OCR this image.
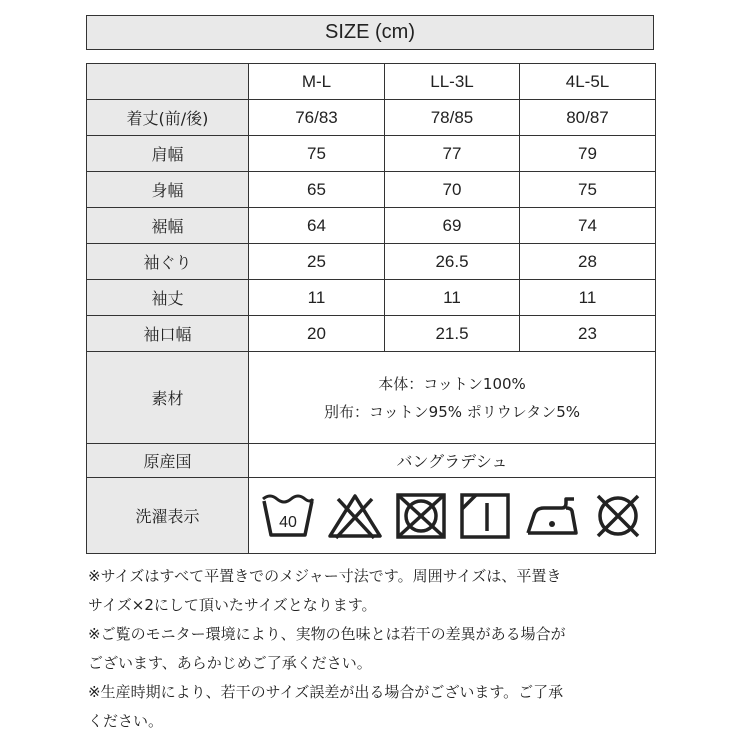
SIZE (cm)
	M-L	LL-3L	4L-5L
着丈(前/後)	76/83	78/85	80/87
肩幅	75	77	79
身幅	65	70	75
裾幅	64	69	74
袖ぐり	25	26.5	28
袖丈	11	11	11
袖口幅	20	21.5	23
素材	本体：コットン100%
別布：コットン95% ポリウレタン5%		

原産国	バングラデシュ		
洗濯表示	40		

※サイズはすべて平置きでのメジャー寸法です。周囲サイズは、平置き

サイズ×2にして頂いたサイズとなります。

※ご覧のモニター環境により、実物の色味とは若干の差異がある場合が

ございます、あらかじめご了承ください。

※生産時期により、若干のサイズ誤差が出る場合がございます。ご了承

ください。
